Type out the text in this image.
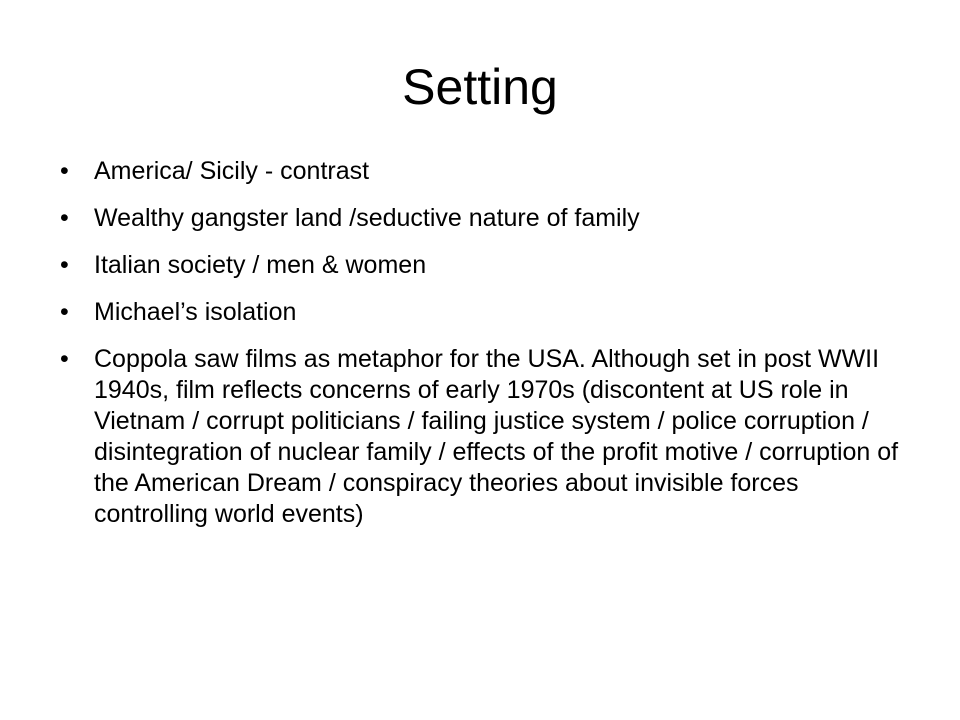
Setting
•	America/ Sicily - contrast
•	Wealthy gangster land /seductive nature of family
•	Italian society / men & women
•	Michael’s isolation
•	Coppola saw films as metaphor for the USA. Although set in post WWII 1940s, film reflects concerns of early 1970s (discontent at US role in Vietnam / corrupt politicians / failing justice system / police corruption / disintegration of nuclear family / effects of the profit motive / corruption of the American Dream / conspiracy theories about invisible forces controlling world events)
